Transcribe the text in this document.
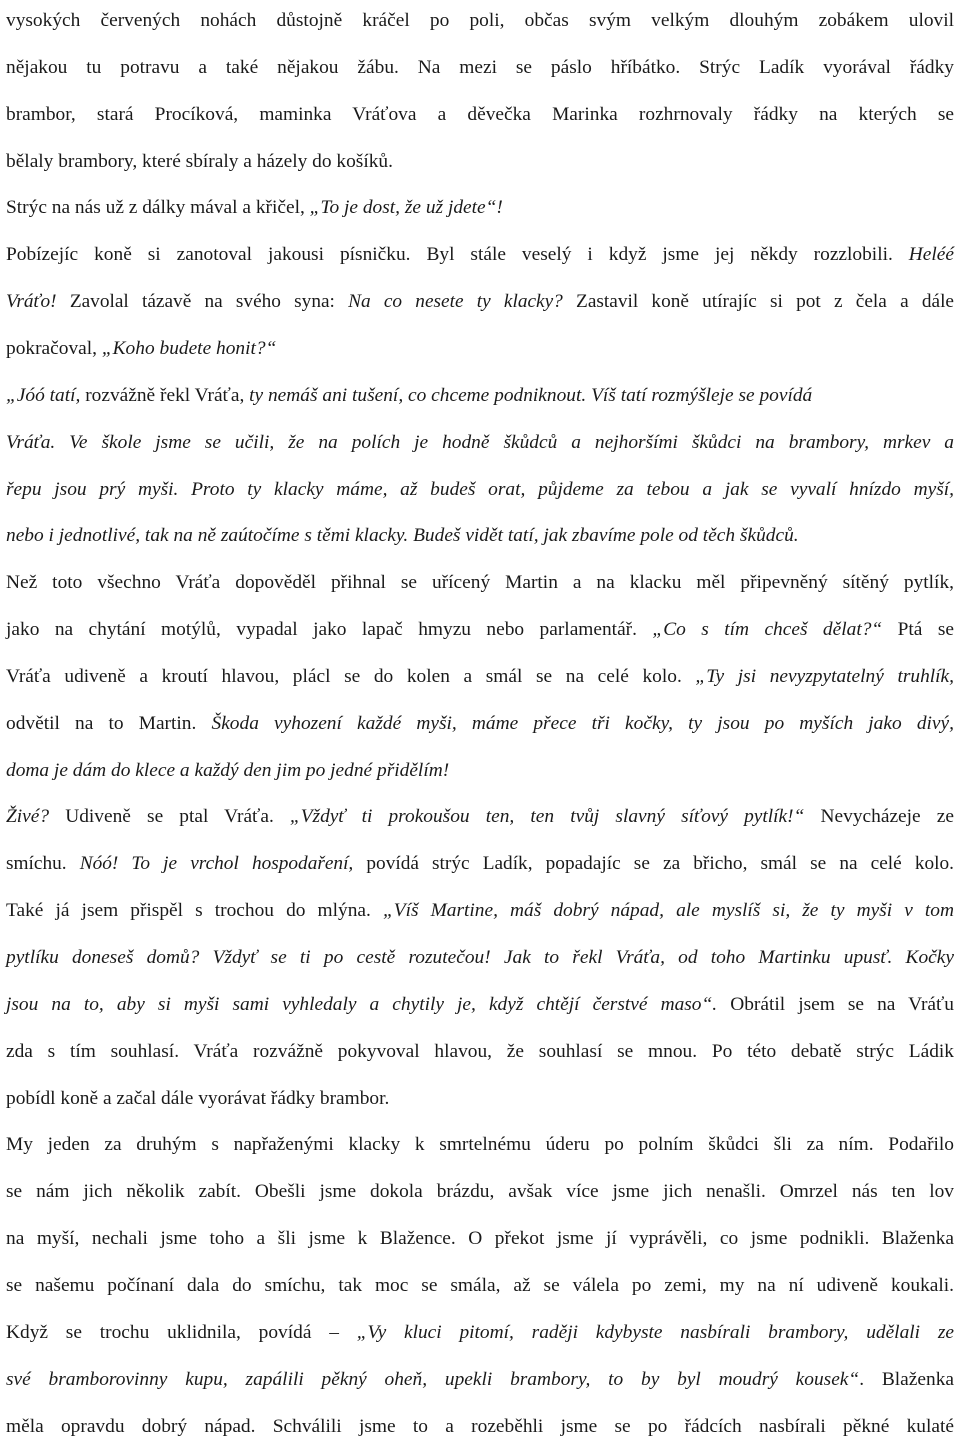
vysokých červených nohách důstojně kráčel po poli, občas svým velkým dlouhým zobákem ulovil
nějakou tu potravu a také nějakou žábu. Na mezi se páslo hříbátko. Strýc Ladík vyorával řádky
brambor, stará Procíková, maminka Vráťova a děvečka Marinka rozhrnovaly řádky na kterých se
bělaly brambory, které sbíraly a házely do košíků.
Strýc na nás už z dálky mával a křičel, „To je dost, že už jdete“!
Pobízejíc koně si zanotoval jakousi písničku. Byl stále veselý i když jsme jej někdy rozzlobili. Heléé
Vráťo! Zavolal tázavě na svého syna: Na co nesete ty klacky? Zastavil koně utírajíc si pot z čela a dále
pokračoval, „Koho budete honit?“
„Jóó tatí, rozvážně řekl Vráťa, ty nemáš ani tušení, co chceme podniknout. Víš tatí rozmýšleje se povídá
Vráťa. Ve škole jsme se učili, že na polích je hodně škůdců a nejhoršími škůdci na brambory, mrkev a
řepu jsou prý myši. Proto ty klacky máme, až budeš orat, půjdeme za tebou a jak se vyvalí hnízdo myší,
nebo i jednotlivé, tak na ně zaútočíme s těmi klacky. Budeš vidět tatí, jak zbavíme pole od těch škůdců.
Než toto všechno Vráťa dopověděl přihnal se uřícený Martin a na klacku měl připevněný sítěný pytlík,
jako na chytání motýlů, vypadal jako lapač hmyzu nebo parlamentář. „Co s tím chceš dělat?“ Ptá se
Vráťa udiveně a kroutí hlavou, plácl se do kolen a smál se na celé kolo. „Ty jsi nevyzpytatelný truhlík,
odvětil na to Martin. Škoda vyhození každé myši, máme přece tři kočky, ty jsou po myších jako divý,
doma je dám do klece a každý den jim po jedné přidělím!
Živé? Udiveně se ptal Vráťa. „Vždyť ti prokoušou ten, ten tvůj slavný síťový pytlík!“ Nevycházeje ze
smíchu. Nóó! To je vrchol hospodaření, povídá strýc Ladík, popadajíc se za břicho, smál se na celé kolo.
Také já jsem přispěl s trochou do mlýna. „Víš Martine, máš dobrý nápad, ale myslíš si, že ty myši v tom
pytlíku doneseš domů? Vždyť se ti po cestě rozutečou! Jak to řekl Vráťa, od toho Martinku upusť. Kočky
jsou na to, aby si myši sami vyhledaly a chytily je, když chtějí čerstvé maso“. Obrátil jsem se na Vráťu
zda s tím souhlasí. Vráťa rozvážně pokyvoval hlavou, že souhlasí se mnou. Po této debatě strýc Ládik
pobídl koně a začal dále vyorávat řádky brambor.
My jeden za druhým s napřaženými klacky k smrtelnému úderu po polním škůdci šli za ním. Podařilo
se nám jich několik zabít. Obešli jsme dokola brázdu, avšak více jsme jich nenašli. Omrzel nás ten lov
na myší, nechali jsme toho a šli jsme k Blažence. O překot jsme jí vyprávěli, co jsme podnikli. Blaženka
se našemu počínaní dala do smíchu, tak moc se smála, až se válela po zemi, my na ní udiveně koukali.
Když se trochu uklidnila, povídá – „Vy kluci pitomí, raději kdybyste nasbírali brambory, udělali ze
své bramborovinny kupu, zapálili pěkný oheň, upekli brambory, to by byl moudrý kousek“. Blaženka
měla opravdu dobrý nápad. Schválili jsme to a rozeběhli jsme se po řádcích nasbírali pěkné kulaté
